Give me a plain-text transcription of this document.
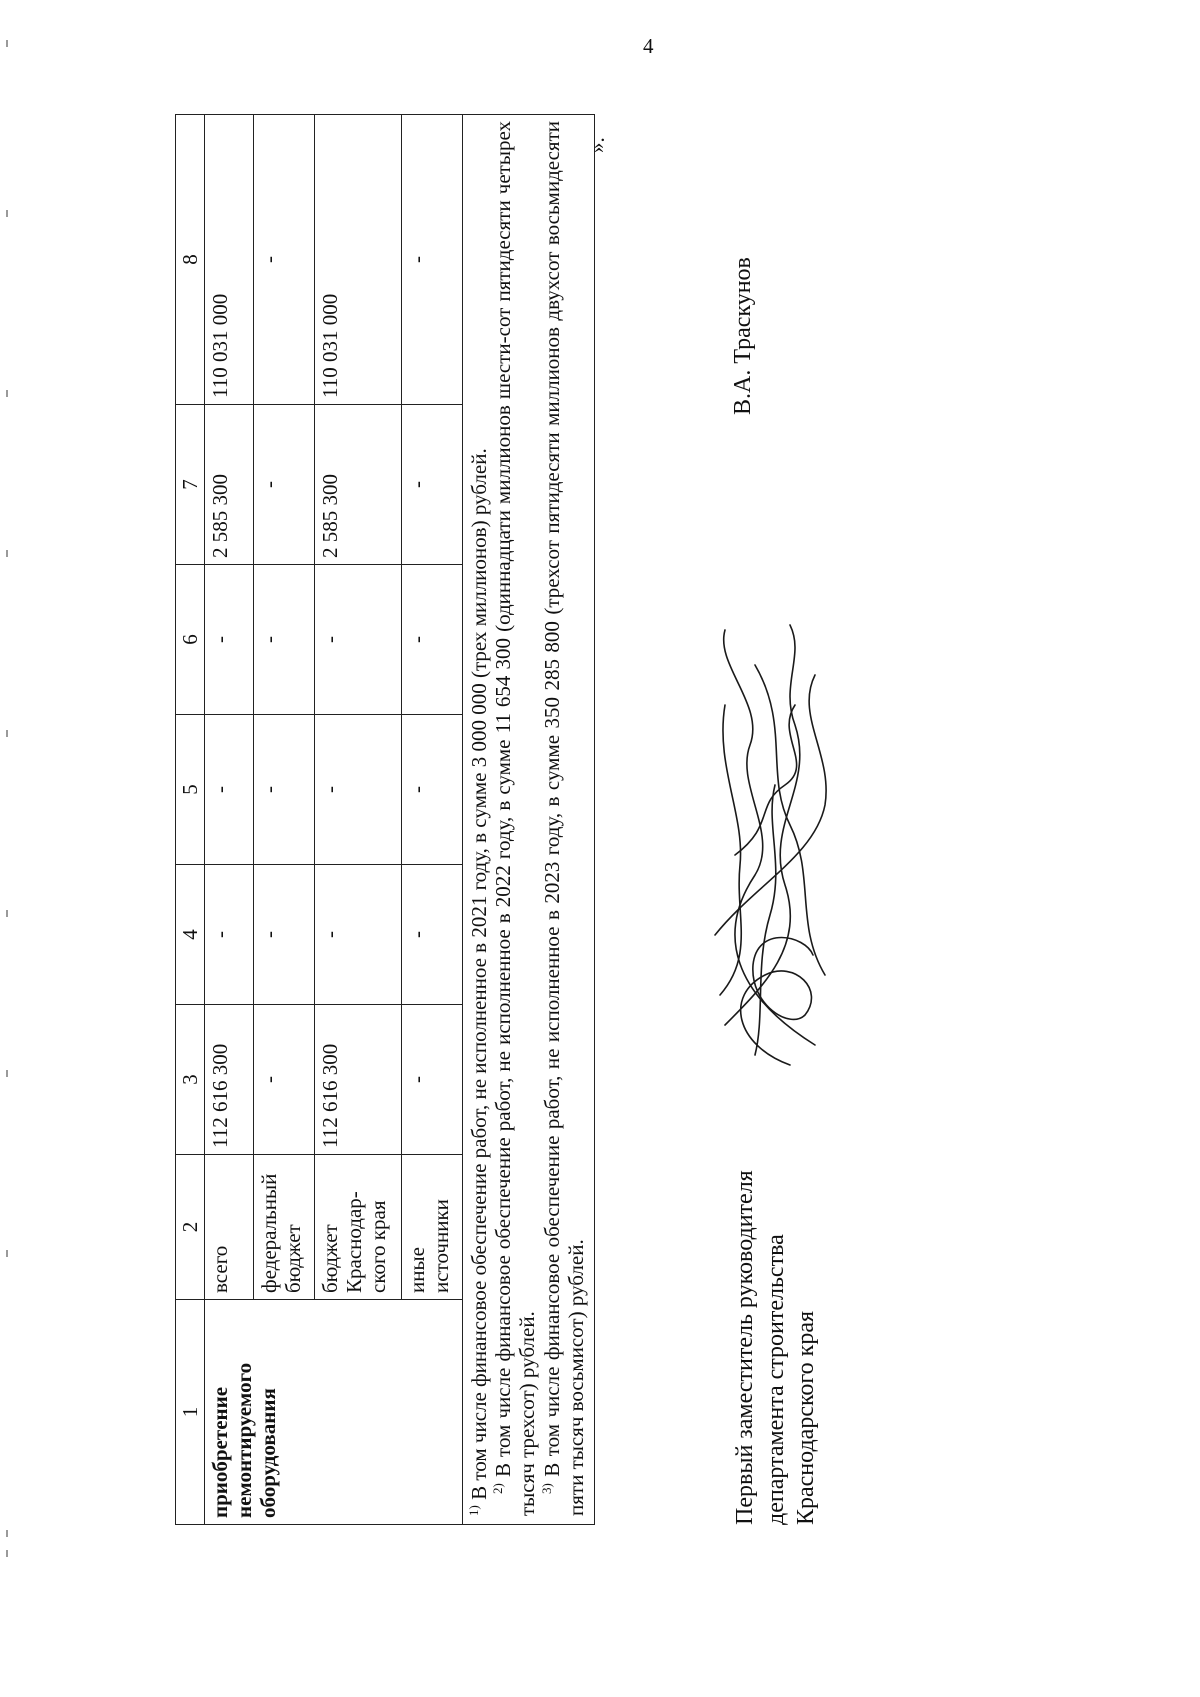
4
1	2	3	4	5	6	7	8
приобретение немонтируемого оборудования	всего	112 616 300	-	-	-	2 585 300	110 031 000
	федеральный бюджет	-	-	-	-	-	-
	бюджет Краснодар-ского края	112 616 300	-	-	-	2 585 300	110 031 000
	иные источники	-	-	-	-	-	-

$^{1)}$ В том числе финансовое обеспечение работ, не исполненное в 2021 году, в сумме 3 000 000 (трех миллионов) рублей. $^{2)}$ В том числе финансовое обеспечение работ, не исполненное в 2022 году, в сумме 11 654 300 (одиннадцати миллионов шести-сот пятидесяти четырех тысяч трехсот) рублей. $^{3)}$ В том числе финансовое обеспечение работ, не исполненное в 2023 году, в сумме 350 285 800 (трехсот пятидесяти миллионов двухсот восьмидесяти пяти тысяч восьмисот) рублей.							

».
Первый заместитель руководителя департамента строительства Краснодарского края
В.А. Траскунов
